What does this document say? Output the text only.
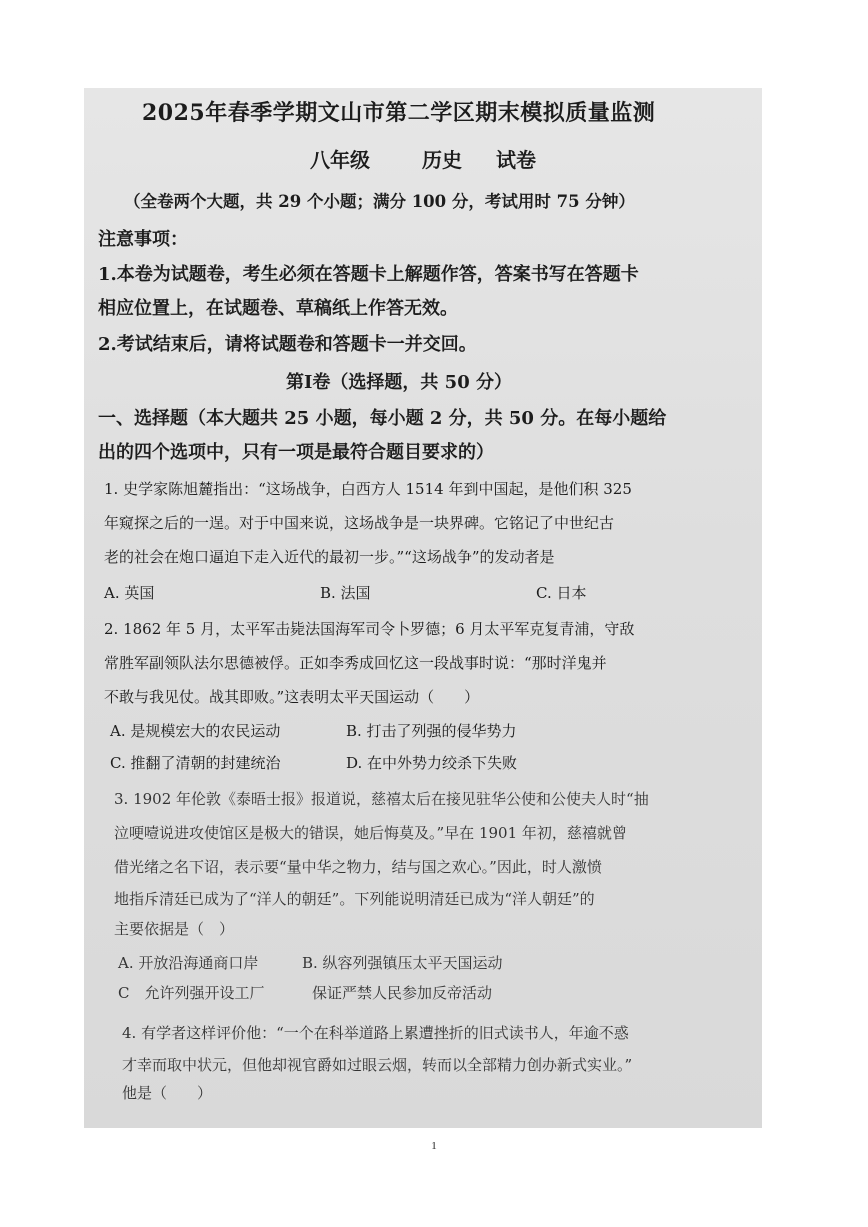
2025年春季学期文山市第二学区期末模拟质量监测
八年级	历史 试卷
（全卷两个大题，共 29 个小题；满分 100 分，考试用时 75 分钟）
注意事项：
1.本卷为试题卷，考生必须在答题卡上解题作答，答案书写在答题卡
相应位置上，在试题卷、草稿纸上作答无效。
2.考试结束后，请将试题卷和答题卡一并交回。
第Ⅰ卷（选择题，共 50 分）
一、选择题（本大题共 25 小题，每小题 2 分，共 50 分。在每小题给
出的四个选项中，只有一项是最符合题目要求的）
1. 史学家陈旭麓指出：“这场战争，白西方人 1514 年到中国起，是他们积 325
年窥探之后的一逞。对于中国来说，这场战争是一块界碑。它铭记了中世纪古
老的社会在炮口逼迫下走入近代的最初一步。”“这场战争”的发动者是
A. 英国	B. 法国	C. 日本
2. 1862 年 5 月，太平军击毙法国海军司令卜罗德；6 月太平军克复青浦，守敌
常胜军副领队法尔思德被俘。正如李秀成回忆这一段战事时说：“那时洋鬼并
不敢与我见仗。战其即败。”这表明太平天国运动（　　）
A. 是规模宏大的农民运动	B. 打击了列强的侵华势力
C. 推翻了清朝的封建统治	D. 在中外势力绞杀下失败
3. 1902 年伦敦《泰晤士报》报道说，慈禧太后在接见驻华公使和公使夫人时“抽
泣哽噎说进攻使馆区是极大的错误，她后悔莫及。”早在 1901 年初，慈禧就曾
借光绪之名下诏，表示要“量中华之物力，结与国之欢心。”因此，时人激愤
地指斥清廷已成为了“洋人的朝廷”。下列能说明清廷已成为“洋人朝廷”的
主要依据是（　）
A. 开放沿海通商口岸	B. 纵容列强镇压太平天国运动
C　允许列强开设工厂	保证严禁人民参加反帝活动
4. 有学者这样评价他：“一个在科举道路上累遭挫折的旧式读书人，年逾不惑
才幸而取中状元，但他却视官爵如过眼云烟，转而以全部精力创办新式实业。”
他是（　　）
1
